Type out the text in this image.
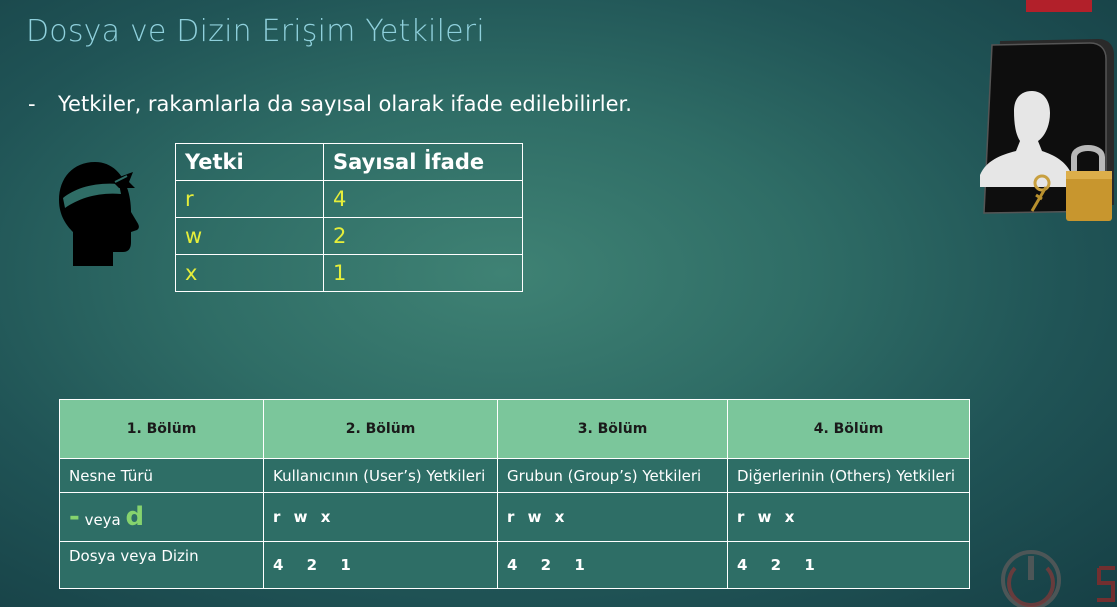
Dosya ve Dizin Erişim Yetkileri
- Yetkiler, rakamlarla da sayısal olarak ifade edilebilirler.
Yetki	Sayısal İfade
r	4
w	2
x	1
1. Bölüm	2. Bölüm	3. Bölüm	4. Bölüm
Nesne Türü	Kullanıcının (User’s) Yetkileri	Grubun (Group’s) Yetkileri	Diğerlerinin (Others) Yetkileri
- veya d	r w x	r w x	r w x
Dosya veya Dizin	4 2 1	4 2 1	4 2 1
